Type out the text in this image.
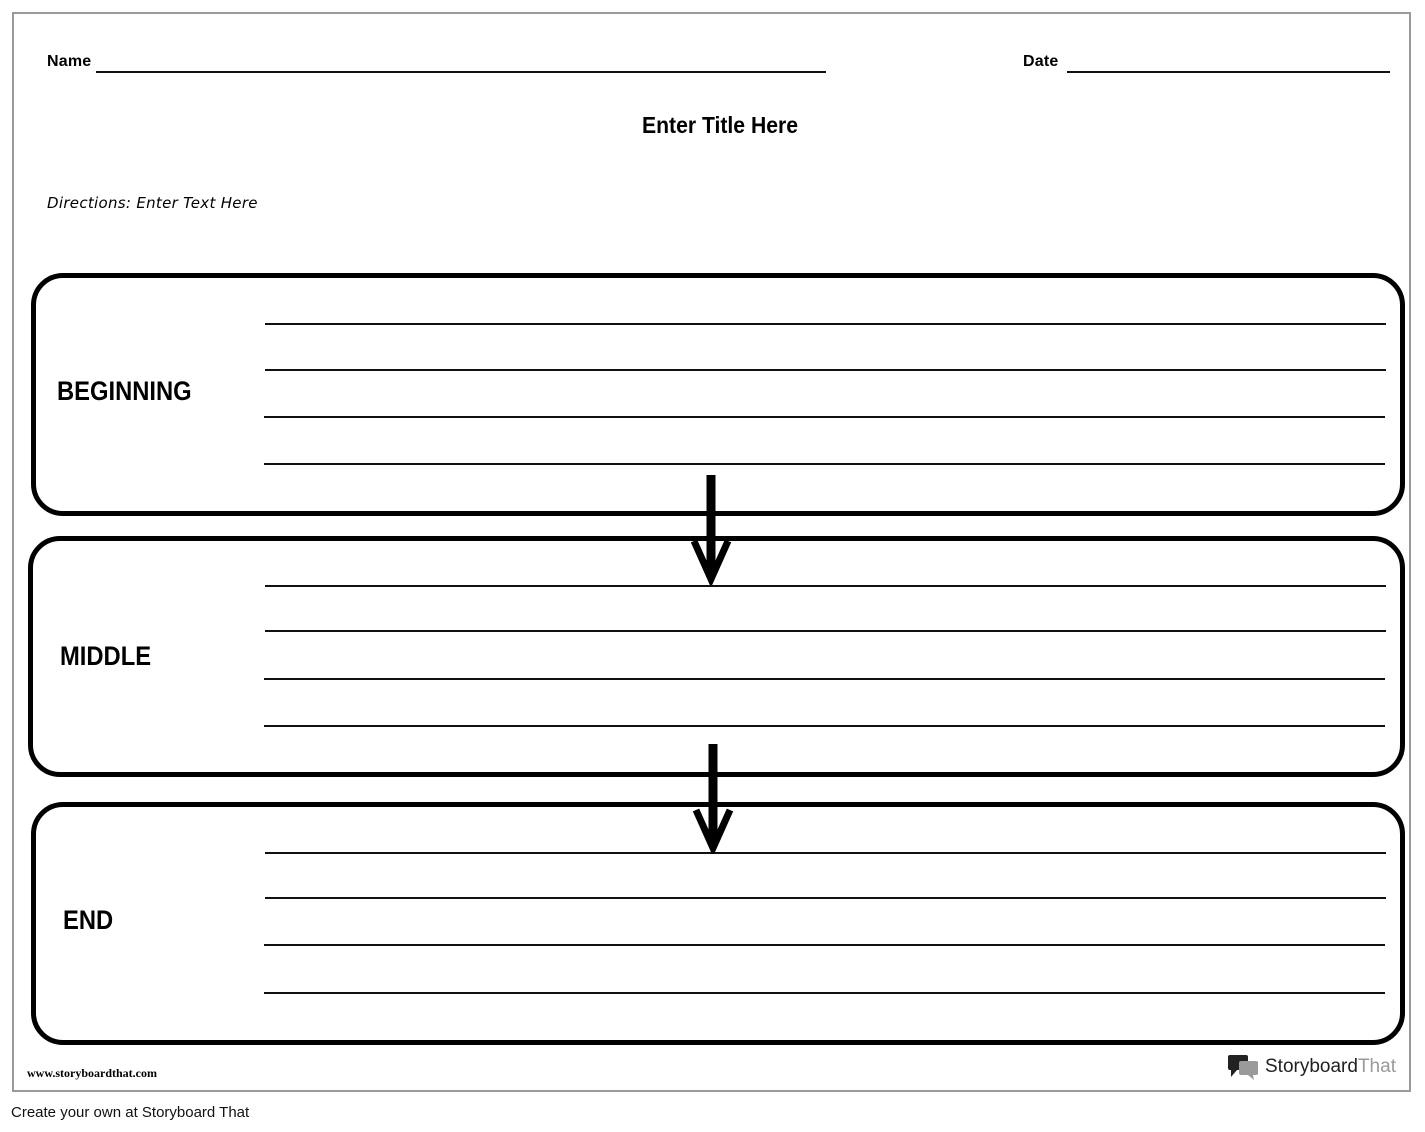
Name	Date
Enter Title Here
Directions: Enter Text Here
BEGINNING
MIDDLE
END
www.storyboardthat.com	StoryboardThat
Create your own at Storyboard That
